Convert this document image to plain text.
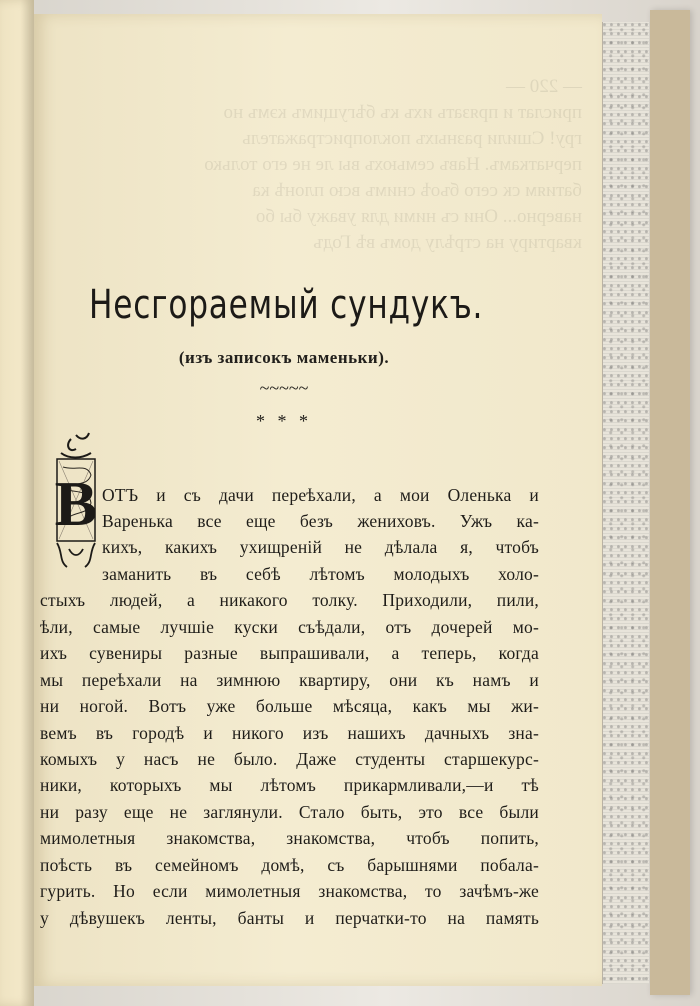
— 220 —
прислат и прязать ихъ къ бѣгущимъ кэмъ но
гру! Сшили разныхъ поклопристражатель
перчаткамъ. Навъ семьюхъ вы ле не его только
батиям ск сего бъоѣ снимъ всю плонѣ ка
наверно... Они съ ними для уважу бы бо
квартиру на стрѣлу домъ вѣ Годъ
Несгораемый сундукъ.
(изъ записокъ маменьки).
~~~~~
* * *
В ОТЪ и съ дачи переѣхали, а мои Оленька и
Варенька все еще безъ жениховъ. Ужъ ка-
кихъ, какихъ ухищренiй не дѣлала я, чтобъ
заманить въ себѣ лѣтомъ молодыхъ холо-
стыхъ людей, а никакого толку. Приходили, пили,
ѣли, самые лучшiе куски съѣдали, отъ дочерей мо-
ихъ сувениры разные выпрашивали, а теперь, когда
мы переѣхали на зимнюю квартиру, они къ намъ и
ни ногой. Вотъ уже больше мѣсяца, какъ мы жи-
вемъ въ городѣ и никого изъ нашихъ дачныхъ зна-
комыхъ у насъ не было. Даже студенты старшекурс-
ники, которыхъ мы лѣтомъ прикармливали,—и тѣ
ни разу еще не заглянули. Стало быть, это все были
мимолетныя знакомства, знакомства, чтобъ попить,
поѣсть въ семейномъ домѣ, съ барышнями побала-
гурить. Но если мимолетныя знакомства, то зачѣмъ-же
у дѣвушекъ ленты, банты и перчатки-то на память
